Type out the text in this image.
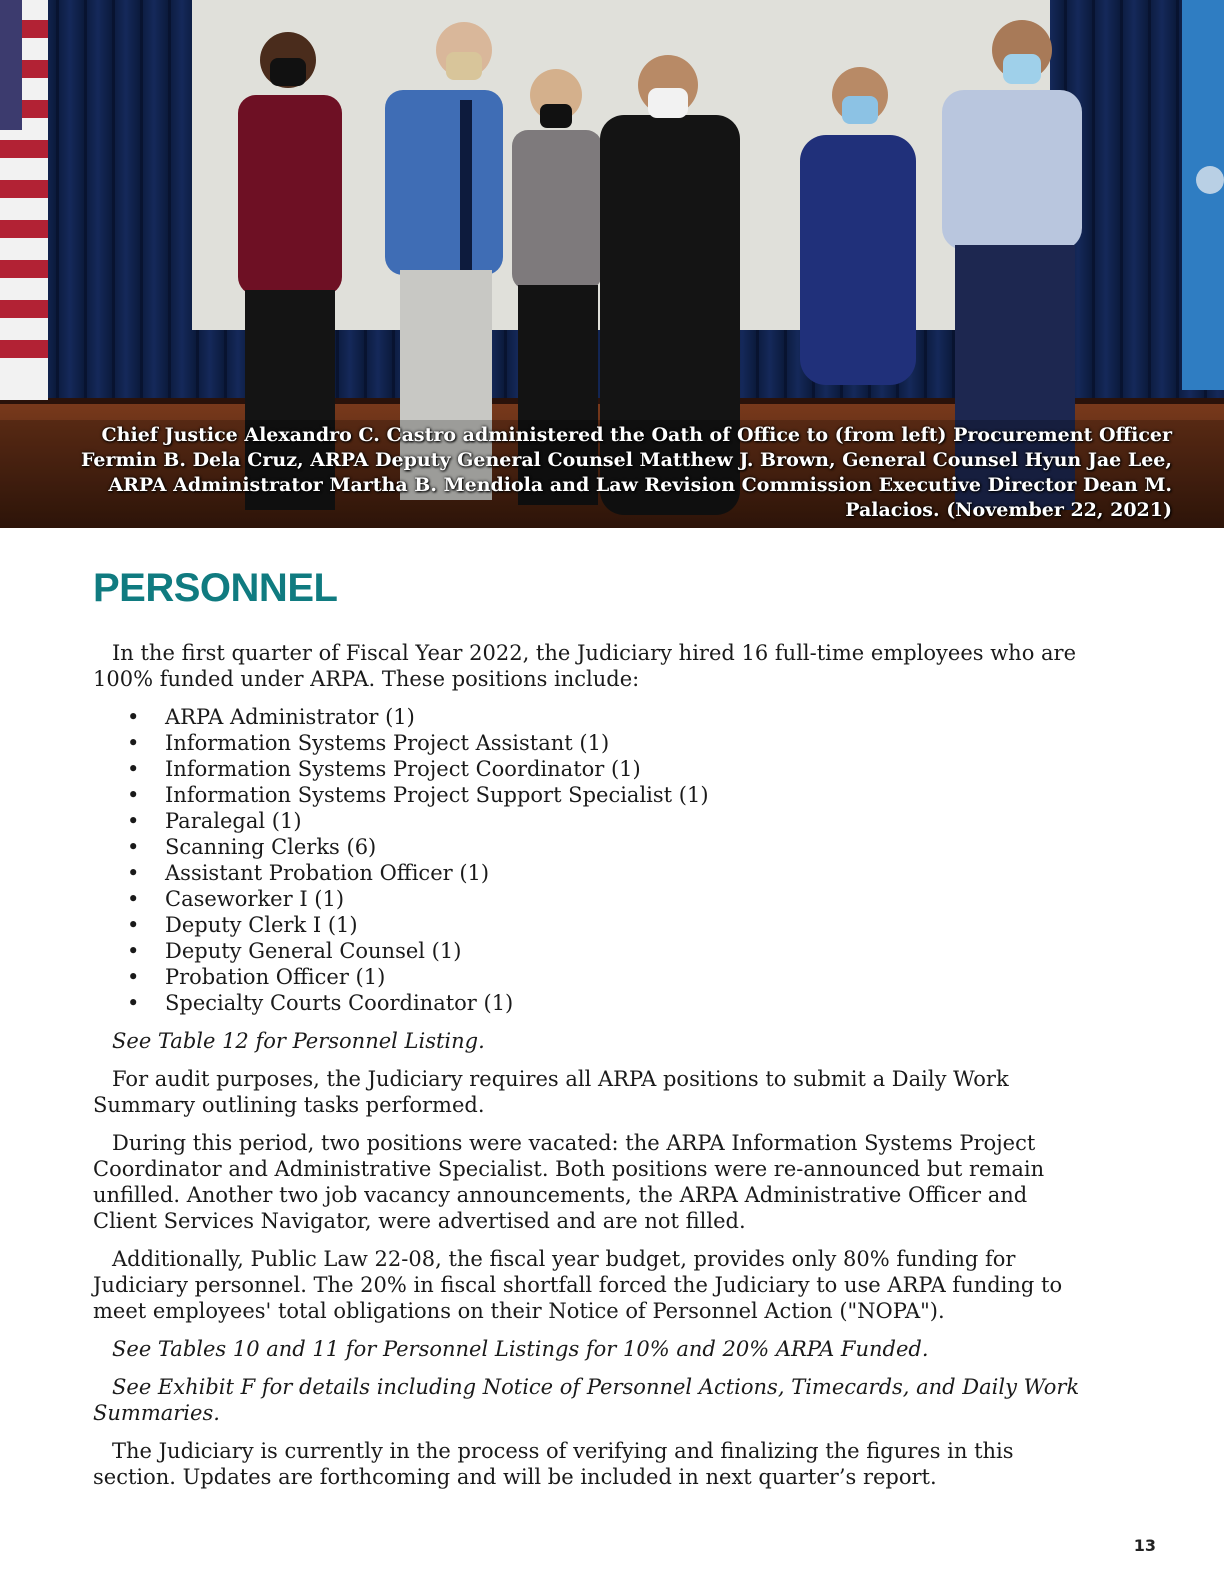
Chief Justice Alexandro C. Castro administered the Oath of Office to (from left) Procurement Officer Fermin B. Dela Cruz, ARPA Deputy General Counsel Matthew J. Brown, General Counsel Hyun Jae Lee, ARPA Administrator Martha B. Mendiola and Law Revision Commission Executive Director Dean M. Palacios. (November 22, 2021)
PERSONNEL

In the first quarter of Fiscal Year 2022, the Judiciary hired 16 full-time employees who are 100% funded under ARPA. These positions include:

• ARPA Administrator (1)
• Information Systems Project Assistant (1)
• Information Systems Project Coordinator (1)
• Information Systems Project Support Specialist (1)
• Paralegal (1)
• Scanning Clerks (6)
• Assistant Probation Officer (1)
• Caseworker I (1)
• Deputy Clerk I (1)
• Deputy General Counsel (1)
• Probation Officer (1)
• Specialty Courts Coordinator (1)

See Table 12 for Personnel Listing.

For audit purposes, the Judiciary requires all ARPA positions to submit a Daily Work Summary outlining tasks performed.

During this period, two positions were vacated: the ARPA Information Systems Project Coordinator and Administrative Specialist. Both positions were re-announced but remain unfilled. Another two job vacancy announcements, the ARPA Administrative Officer and Client Services Navigator, were advertised and are not filled.

Additionally, Public Law 22-08, the fiscal year budget, provides only 80% funding for Judiciary personnel. The 20% in fiscal shortfall forced the Judiciary to use ARPA funding to meet employees' total obligations on their Notice of Personnel Action ("NOPA").

See Tables 10 and 11 for Personnel Listings for 10% and 20% ARPA Funded.

See Exhibit F for details including Notice of Personnel Actions, Timecards, and Daily Work Summaries.

The Judiciary is currently in the process of verifying and finalizing the figures in this section. Updates are forthcoming and will be included in next quarter’s report.

13
